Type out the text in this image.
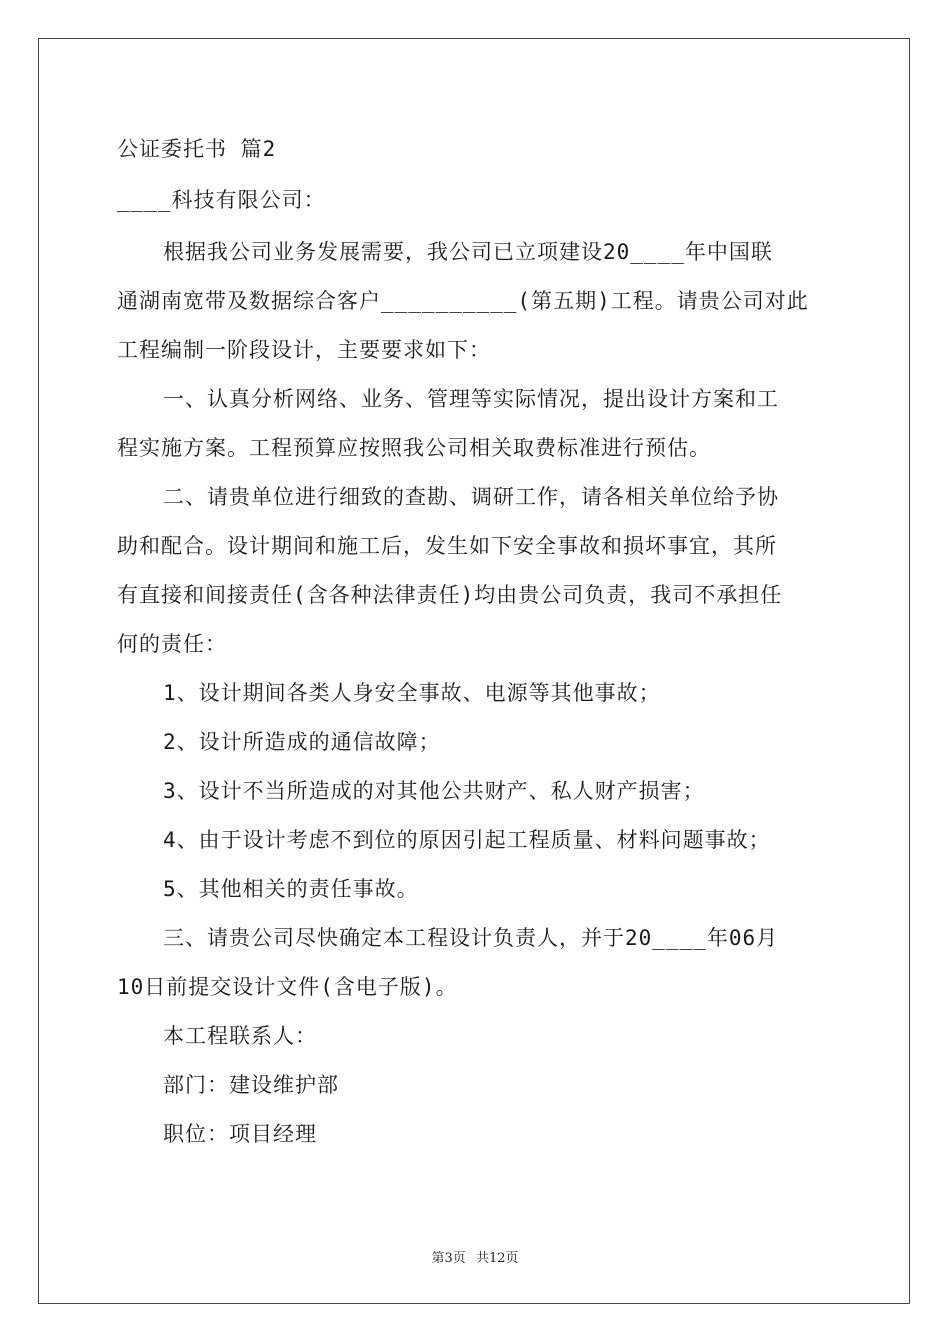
公证委托书 篇2
____科技有限公司：
根据我公司业务发展需要，我公司已立项建设20____年中国联
通湖南宽带及数据综合客户__________(第五期)工程。请贵公司对此
工程编制一阶段设计，主要要求如下：
一、认真分析网络、业务、管理等实际情况，提出设计方案和工
程实施方案。工程预算应按照我公司相关取费标准进行预估。
二、请贵单位进行细致的查勘、调研工作，请各相关单位给予协
助和配合。设计期间和施工后，发生如下安全事故和损坏事宜，其所
有直接和间接责任(含各种法律责任)均由贵公司负责，我司不承担任
何的责任：
1、设计期间各类人身安全事故、电源等其他事故；
2、设计所造成的通信故障；
3、设计不当所造成的对其他公共财产、私人财产损害；
4、由于设计考虑不到位的原因引起工程质量、材料问题事故；
5、其他相关的责任事故。
三、请贵公司尽快确定本工程设计负责人，并于20____年06月
10日前提交设计文件(含电子版)。
本工程联系人：
部门：建设维护部
职位：项目经理
第3页 共12页
